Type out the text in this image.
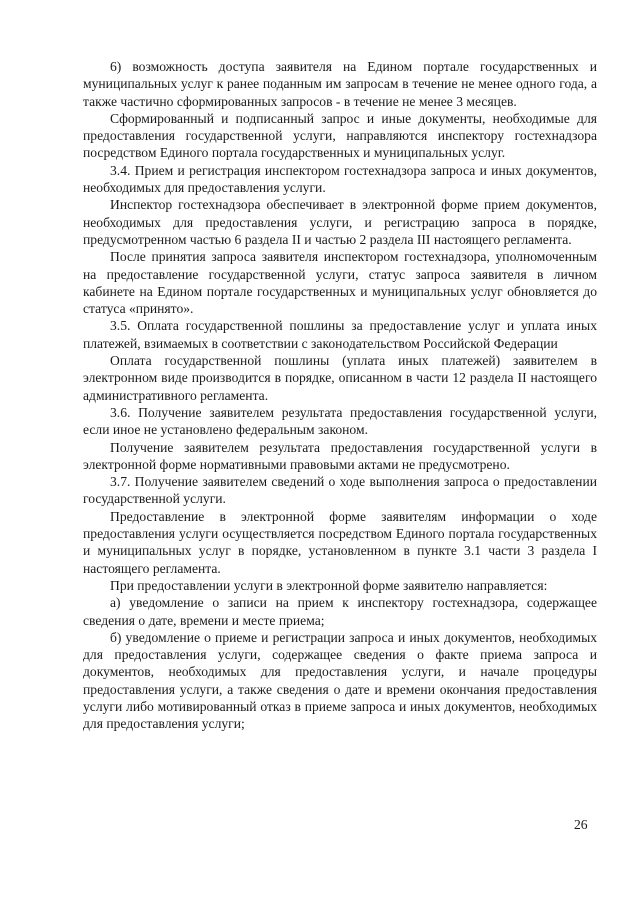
6) возможность доступа заявителя на Едином портале государственных и муниципальных услуг к ранее поданным им запросам в течение не менее одного года, а также частично сформированных запросов - в течение не менее 3 месяцев.

Сформированный и подписанный запрос и иные документы, необходимые для предоставления государственной услуги, направляются инспектору гостехнадзора посредством Единого портала государственных и муниципальных услуг.

3.4. Прием и регистрация инспектором гостехнадзора запроса и иных документов, необходимых для предоставления услуги.

Инспектор гостехнадзора обеспечивает в электронной форме прием документов, необходимых для предоставления услуги, и регистрацию запроса в порядке, предусмотренном частью 6 раздела II и частью 2 раздела III настоящего регламента.

После принятия запроса заявителя инспектором гостехнадзора, уполномоченным на предоставление государственной услуги, статус запроса заявителя в личном кабинете на Едином портале государственных и муниципальных услуг обновляется до статуса «принято».

3.5. Оплата государственной пошлины за предоставление услуг и уплата иных платежей, взимаемых в соответствии с законодательством Российской Федерации

Оплата государственной пошлины (уплата иных платежей) заявителем в электронном виде производится в порядке, описанном в части 12 раздела II настоящего административного регламента.

3.6. Получение заявителем результата предоставления государственной услуги, если иное не установлено федеральным законом.

Получение заявителем результата предоставления государственной услуги в электронной форме нормативными правовыми актами не предусмотрено.

3.7. Получение заявителем сведений о ходе выполнения запроса о предоставлении государственной услуги.

Предоставление в электронной форме заявителям информации о ходе предоставления услуги осуществляется посредством Единого портала государственных и муниципальных услуг в порядке, установленном в пункте 3.1 части 3 раздела I настоящего регламента.

При предоставлении услуги в электронной форме заявителю направляется:

а) уведомление о записи на прием к инспектору гостехнадзора, содержащее сведения о дате, времени и месте приема;

б) уведомление о приеме и регистрации запроса и иных документов, необходимых для предоставления услуги, содержащее сведения о факте приема запроса и документов, необходимых для предоставления услуги, и начале процедуры предоставления услуги, а также сведения о дате и времени окончания предоставления услуги либо мотивированный отказ в приеме запроса и иных документов, необходимых для предоставления услуги;

26
